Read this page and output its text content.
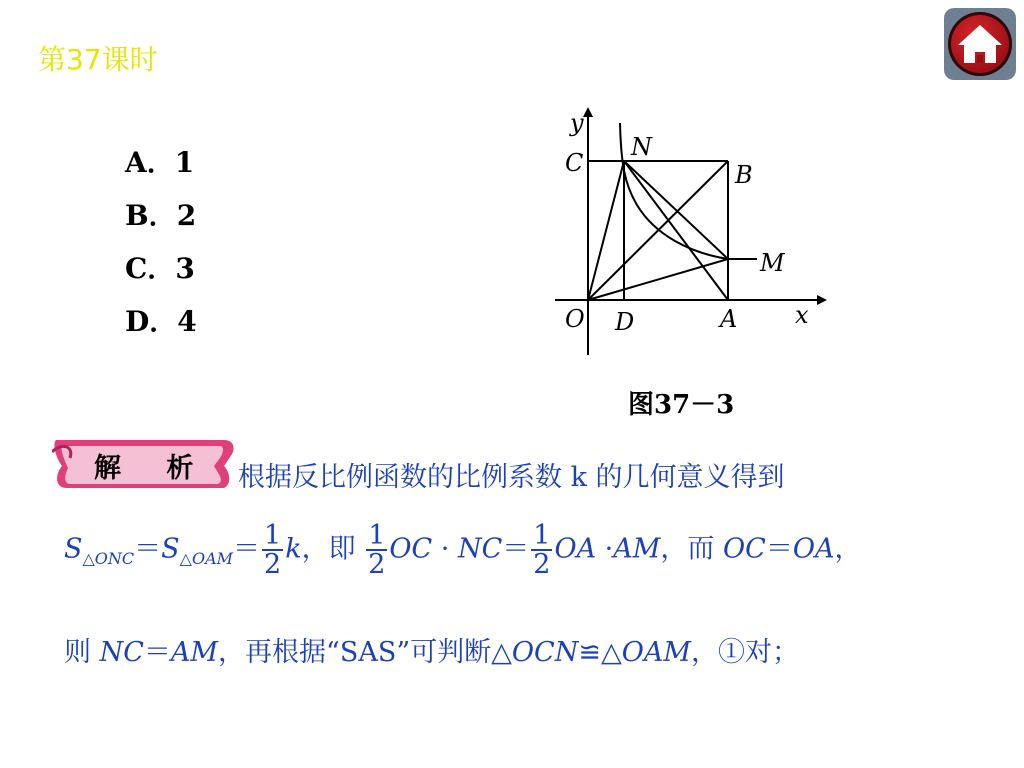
第37课时
A．1
B．2
C．3
D．4
y
x
O
C
N
B
M
D	A
图37－3
解 析 根据反比例函数的比例系数 k 的几何意义得到
$S_{\triangle ONC}=S_{\triangle OAM}= \frac{1}{2}$ k，即 $\frac{1}{2}$ OC · $NC= \frac{1}{2}$ OA ·AM，而 OC＝OA，
则 NC＝AM，再根据“SAS”可判断△OCN≌△OAM，①对；
